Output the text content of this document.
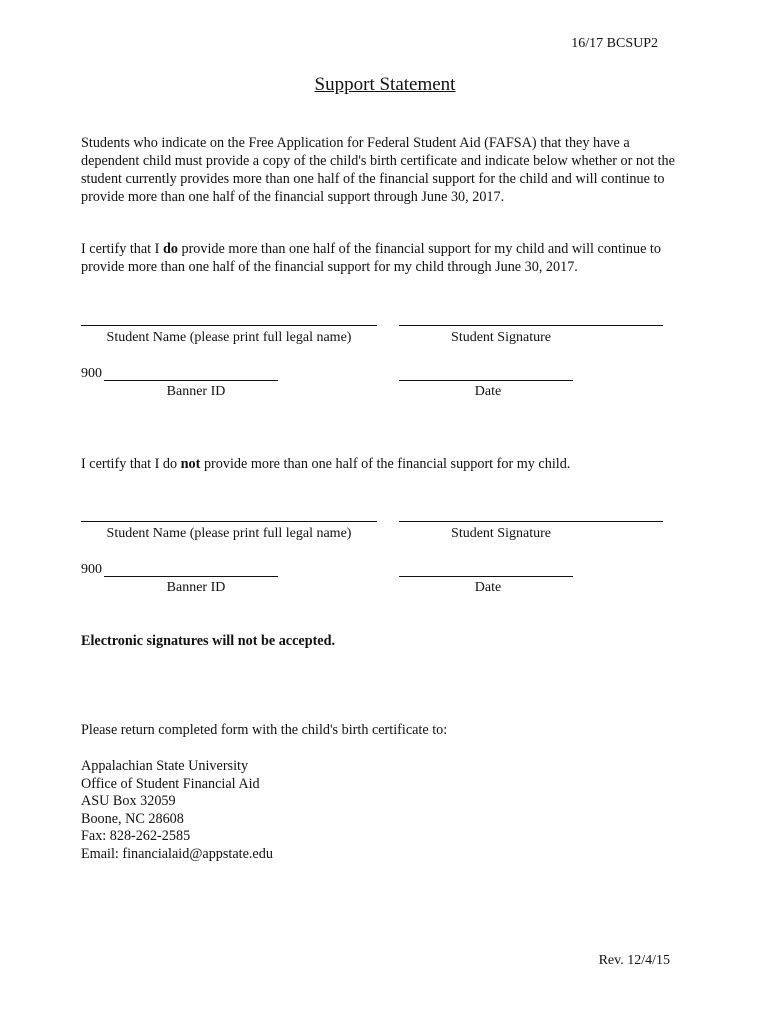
16/17 BCSUP2
Support Statement
Students who indicate on the Free Application for Federal Student Aid (FAFSA) that they have a dependent child must provide a copy of the child's birth certificate and indicate below whether or not the student currently provides more than one half of the financial support for the child and will continue to provide more than one half of the financial support through June 30, 2017.
I certify that I do provide more than one half of the financial support for my child and will continue to provide more than one half of the financial support for my child through June 30, 2017.
Student Name (please print full legal name)	Student Signature
900
Banner ID	Date
I certify that I do not provide more than one half of the financial support for my child.
Student Name (please print full legal name)	Student Signature
900
Banner ID	Date
Electronic signatures will not be accepted.
Please return completed form with the child's birth certificate to:
Appalachian State University
Office of Student Financial Aid
ASU Box 32059
Boone, NC 28608
Fax: 828-262-2585
Email: financialaid@appstate.edu
Rev. 12/4/15
